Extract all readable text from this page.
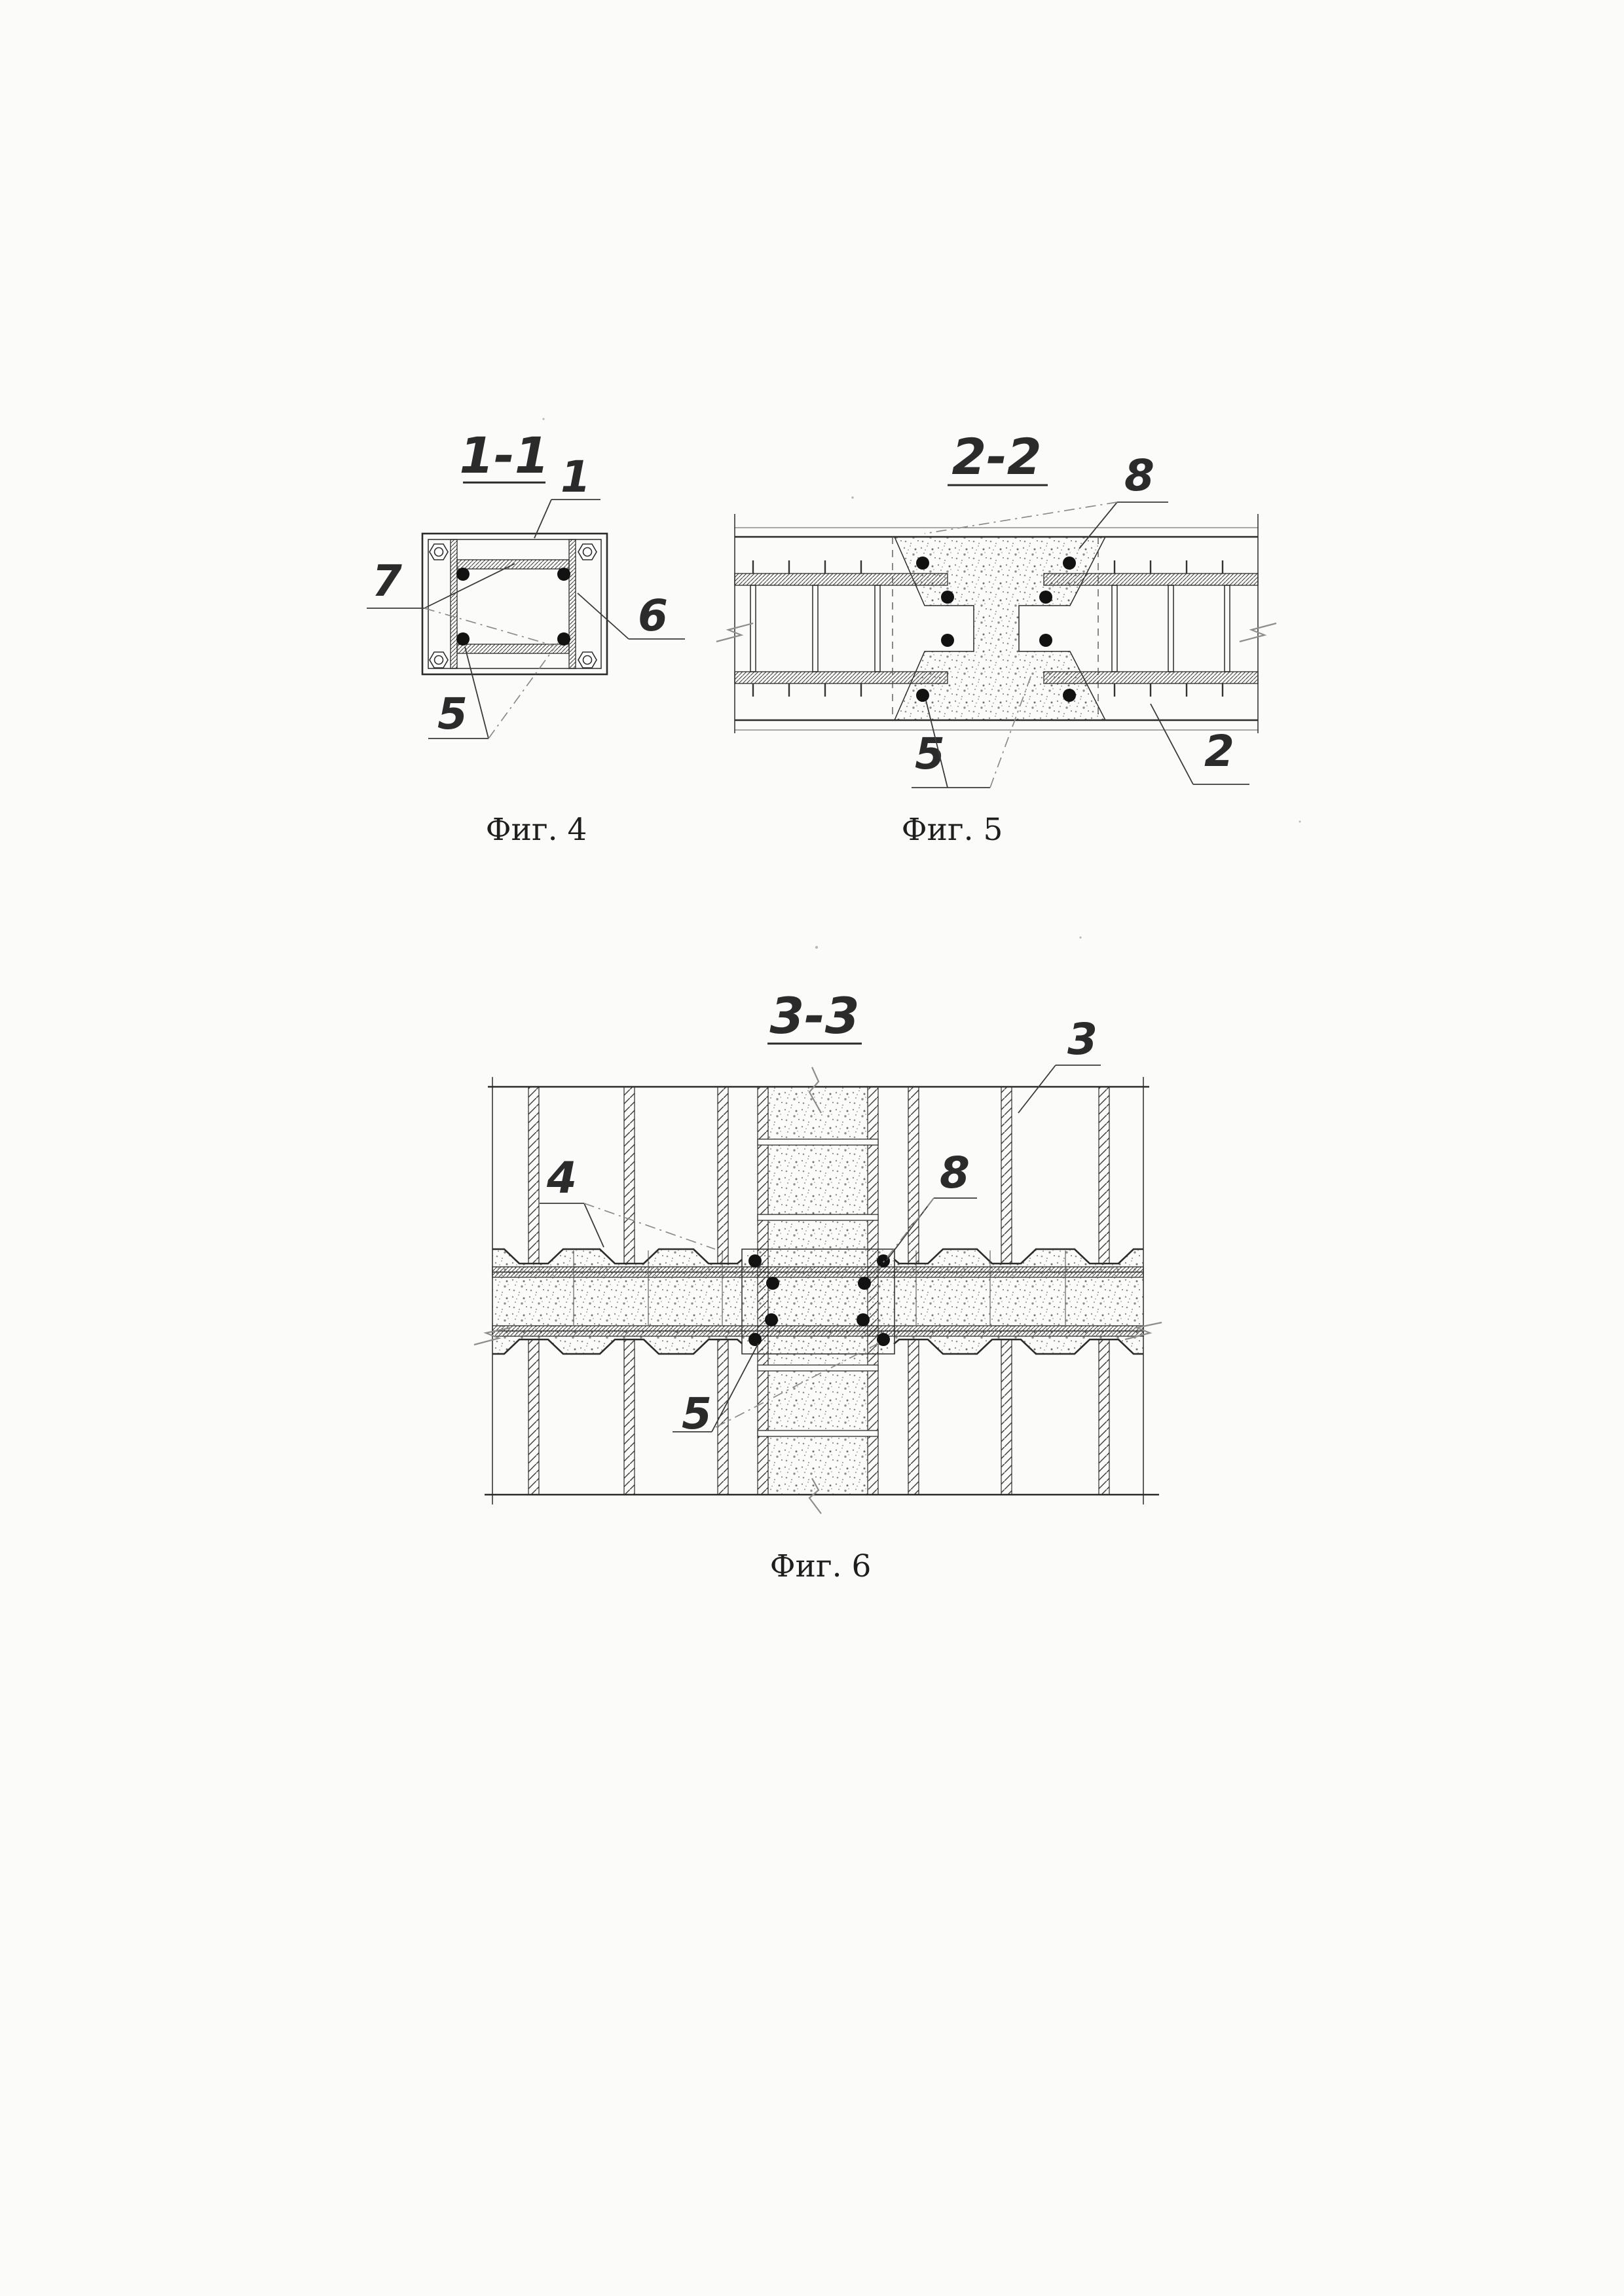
1-1 1
7
6
5
Фиг. 4
2-2 8
5	2
Фиг. 5
3-3	3
4	8
5
Фиг. 6
